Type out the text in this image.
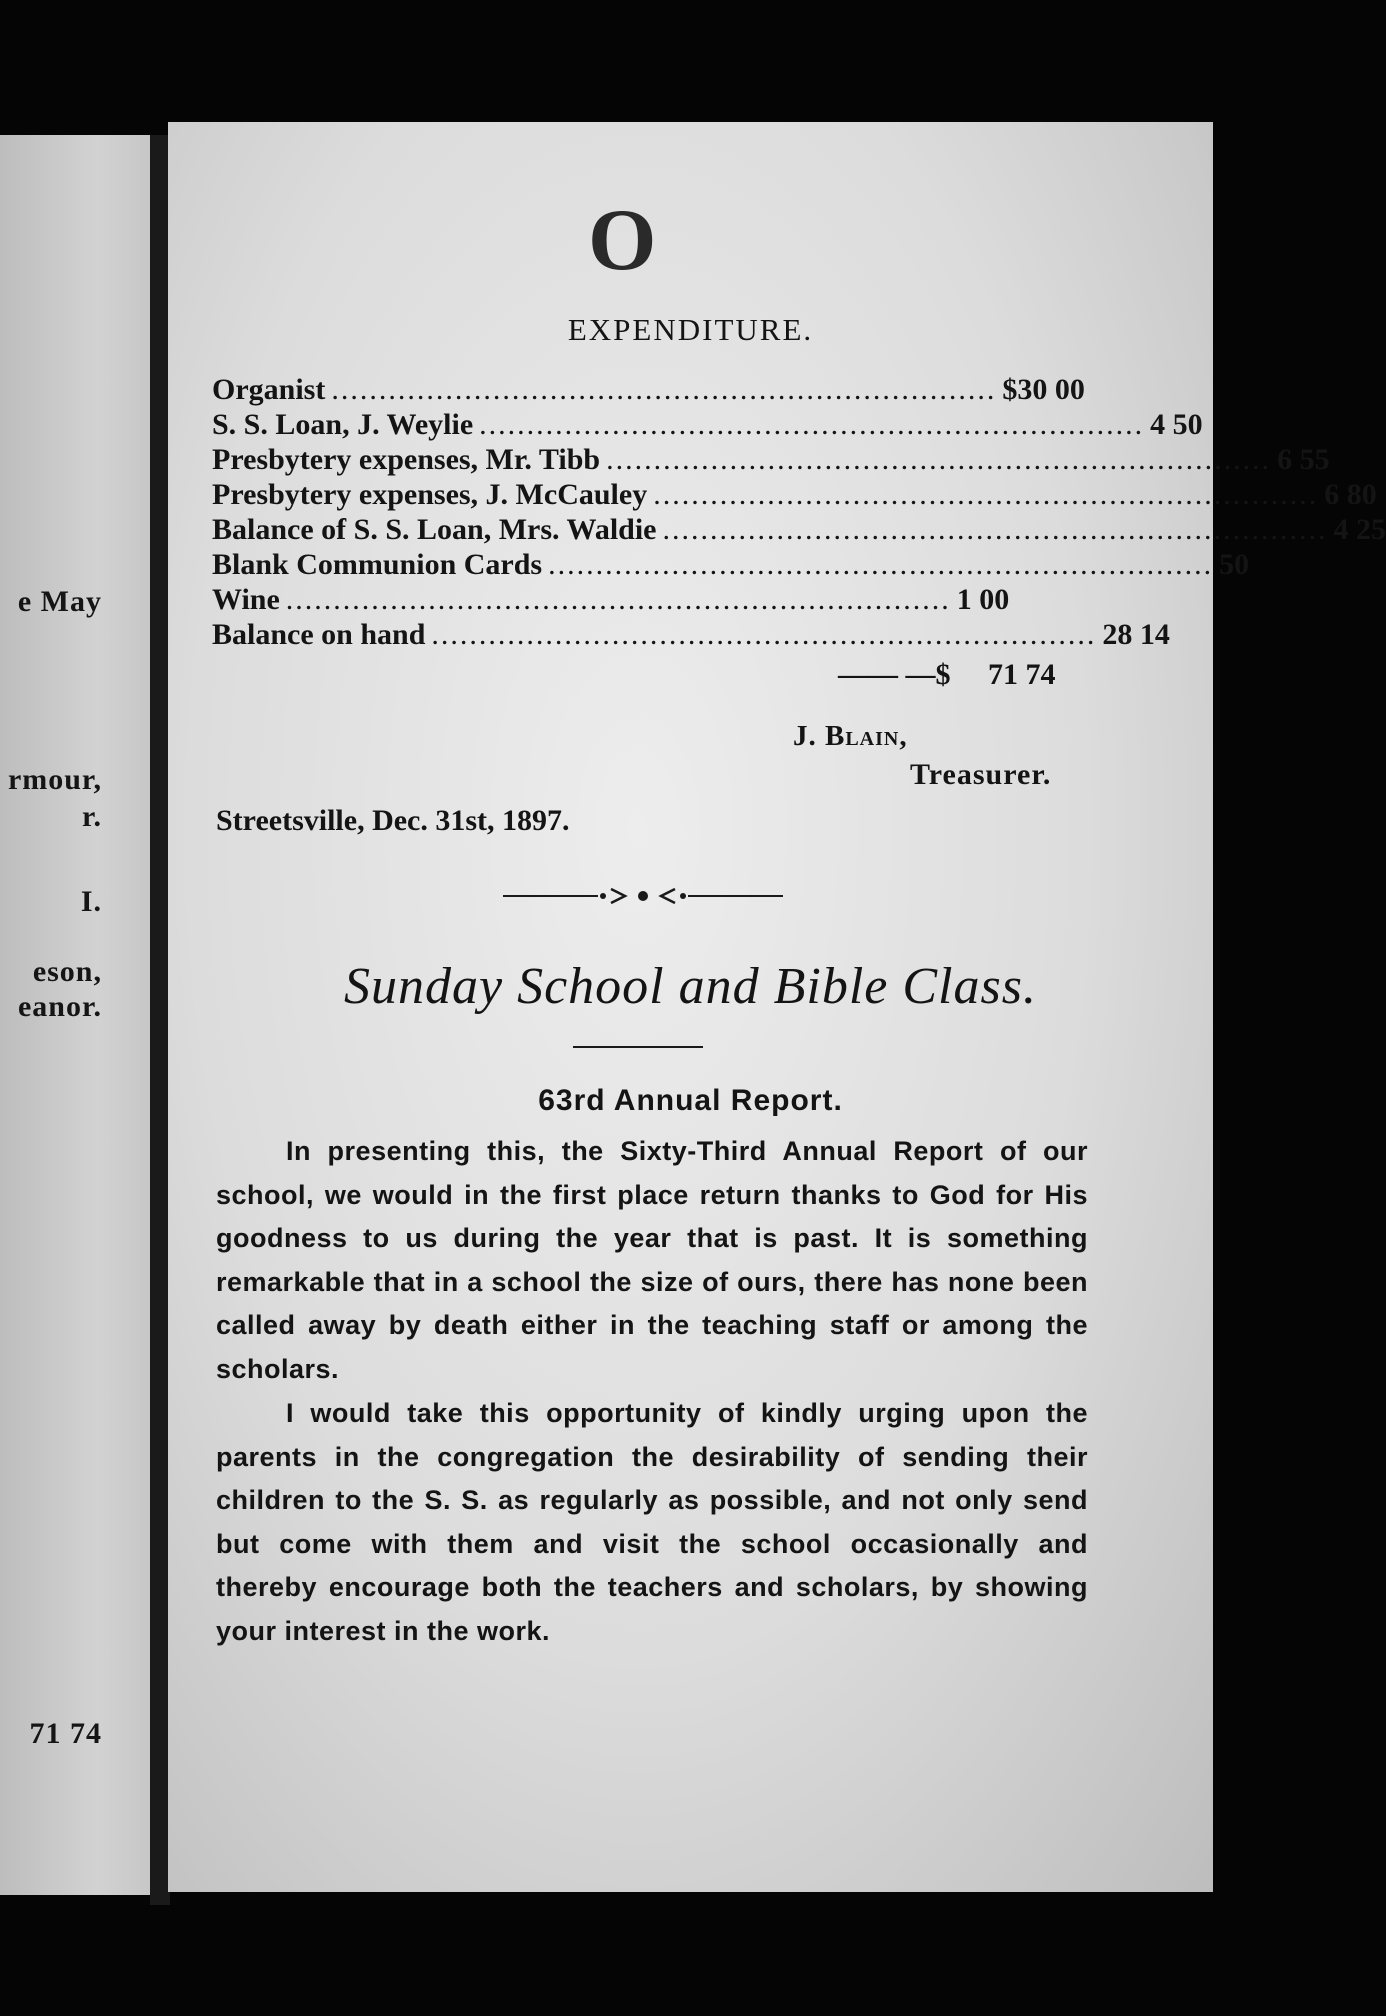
e May
rmour,
r.
I.
eson,
eanor.
71 74
O
EXPENDITURE.
Organist ...................................................................... $30 00
S. S. Loan, J. Weylie ...................................................................... 4 50
Presbytery expenses, Mr. Tibb ...................................................................... 6 55
Presbytery expenses, J. McCauley ...................................................................... 6 80
Balance of S. S. Loan, Mrs. Waldie ...................................................................... 4 25
Blank Communion Cards ...................................................................... 50
Wine ...................................................................... 1 00
Balance on hand ...................................................................... 28 14
—— —$ 71 74
J. Blain,
Treasurer.
Streetsville, Dec. 31st, 1897.
Sunday School and Bible Class.
63rd Annual Report.

In presenting this, the Sixty-Third Annual Report of our school, we would in the first place return thanks to God for His goodness to us during the year that is past. It is something remarkable that in a school the size of ours, there has none been called away by death either in the teaching staff or among the scholars.

I would take this opportunity of kindly urging upon the parents in the congregation the desirability of sending their children to the S. S. as regularly as possible, and not only send but come with them and visit the school occasionally and thereby encourage both the teachers and scholars, by showing your interest in the work.
